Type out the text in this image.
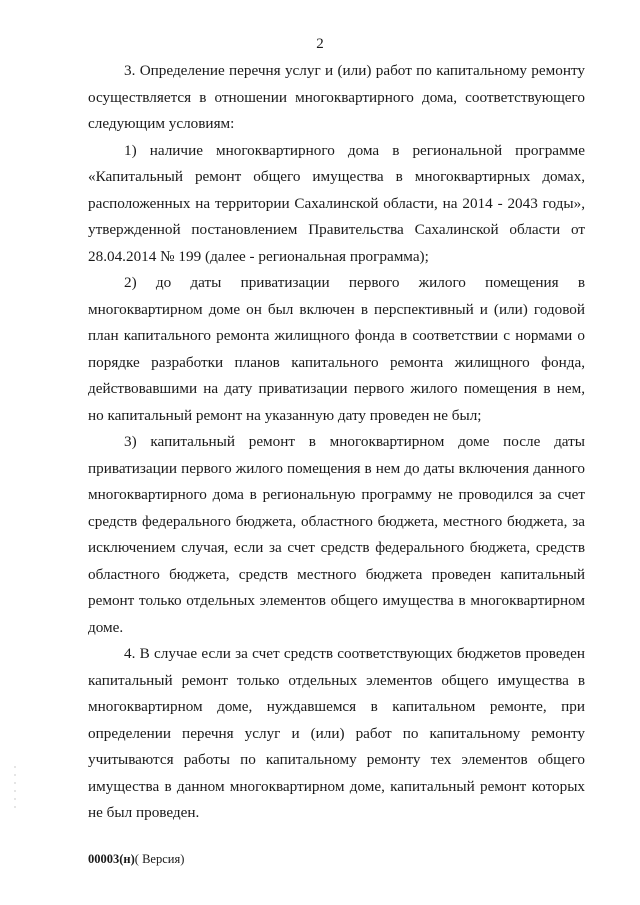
2

3. Определение перечня услуг и (или) работ по капитальному ремонту осуществляется в отношении многоквартирного дома, соответствующего следующим условиям:

1) наличие многоквартирного дома в региональной программе «Капитальный ремонт общего имущества в многоквартирных домах, расположенных на территории Сахалинской области, на 2014 - 2043 годы», утвержденной постановлением Правительства Сахалинской области от 28.04.2014 № 199 (далее - региональная программа);

2) до даты приватизации первого жилого помещения в многоквартирном доме он был включен в перспективный и (или) годовой план капитального ремонта жилищного фонда в соответствии с нормами о порядке разработки планов капитального ремонта жилищного фонда, действовавшими на дату приватизации первого жилого помещения в нем, но капитальный ремонт на указанную дату проведен не был;

3) капитальный ремонт в многоквартирном доме после даты приватизации первого жилого помещения в нем до даты включения данного многоквартирного дома в региональную программу не проводился за счет средств федерального бюджета, областного бюджета, местного бюджета, за исключением случая, если за счет средств федерального бюджета, средств областного бюджета, средств местного бюджета проведен капитальный ремонт только отдельных элементов общего имущества в многоквартирном доме.

4. В случае если за счет средств соответствующих бюджетов проведен капитальный ремонт только отдельных элементов общего имущества в многоквартирном доме, нуждавшемся в капитальном ремонте, при определении перечня услуг и (или) работ по капитальному ремонту учитываются работы по капитальному ремонту тех элементов общего имущества в данном многоквартирном доме, капитальный ремонт которых не был проведен.

00003(н)( Версия)
